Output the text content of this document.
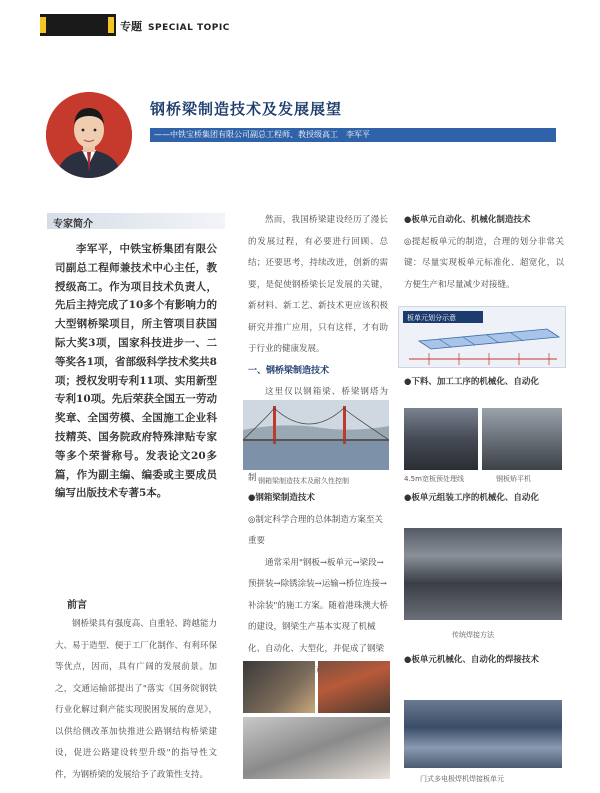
专题 SPECIAL TOPIC
钢桥梁制造技术及发展展望
——中铁宝桥集团有限公司副总工程师、教授级高工　李军平
专家简介

李军平，中铁宝桥集团有限公司副总工程师兼技术中心主任，教授级高工。作为项目技术负责人，先后主持完成了10多个有影响力的大型钢桥梁项目，所主管项目获国际大奖3项，国家科技进步一、二等奖各1项，省部级科学技术奖共8项；授权发明专利11项、实用新型专利10项。先后荣获全国五一劳动奖章、全国劳模、全国施工企业科技精英、国务院政府特殊津贴专家等多个荣誉称号。发表论文20多篇，作为副主编、编委或主要成员编写出版技术专著5本。

前言

钢桥梁具有强度高、自重轻、跨越能力大、易于造型、便于工厂化制作、有利环保等优点，因而，具有广阔的发展前景。加之，交通运输部提出了"落实《国务院钢铁行业化解过剩产能实现脱困发展的意见》，以供给侧改革加快推进公路钢结构桥梁建设，促进公路建设转型升级"的指导性文件，为钢桥梁的发展给予了政策性支持。

然而，我国桥梁建设经历了漫长的发展过程，有必要进行回顾、总结；还要思考，持续改进，创新的需要，是促使钢桥梁长足发展的关键，新材料、新工艺、新技术更应该积极研究并推广应用，只有这样，才有助于行业的健康发展。

一、钢桥梁制造技术

这里仅以钢箱梁、桥梁钢塔为

制 钢箱梁制造技术及耐久性控制

●钢箱梁制造技术

◎制定科学合理的总体制造方案至关重要

通常采用"钢板→板单元→梁段→预拼装→除锈涂装→运输→桥位连接→补涂装"的施工方案。随着港珠澳大桥的建设，钢梁生产基本实现了机械化、自动化、大型化，并促成了钢梁

●板单元自动化、机械化制造技术

◎提起板单元的制造，合理的划分非常关键：尽量实现板单元标准化、超宽化，以方便生产和尽量减少对接缝。

板单元划分示意

●下料、加工工序的机械化、自动化

4.5m宽板预处理线	钢板矫平机

●板单元组装工序的机械化、自动化

传统焊接方法

●板单元机械化、自动化的焊接技术

门式多电极焊机焊接板单元
